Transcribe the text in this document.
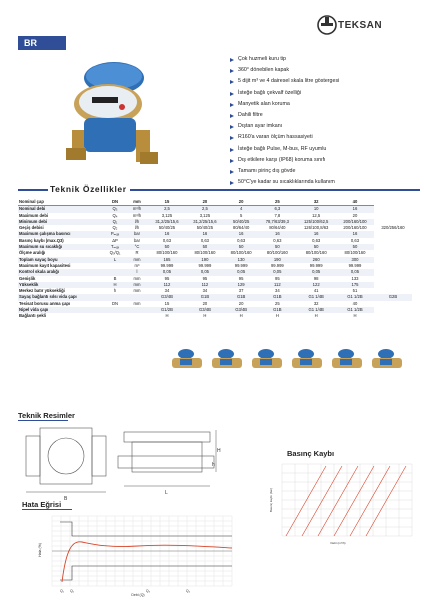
TEKSAN
BR
Çok huzmeli kuru tip
360° dönebilen kapak
5 dijit m³ ve 4 dairesel skala litre göstergesi
İsteğe bağlı çekvalf özelliği
Manyetik alan koruma
Dahili filtre
Dıştan ayar imkanı
R160'a varan ölçüm hassasiyeti
İsteğe bağlı Pulse, M-bus, RF uyumlu
Dış etkilere karşı (IP68) koruma sınıfı
Tamamı pirinç dış gövde
50°C'ye kadar su sıcaklıklarında kullanım
Teknik Özellikler
Nominal çap	DN	mm	15	20	20	25	32	40	
Nominal debi	Q₃	m³/h	2,5	2,5	4	6,3	10	16	
Maximum debi	Q₄	m³/h	3,125	3,125	5	7,8	12,5	20	
Minimum debi	Q₁	l/h	31,2/25/15,6	31,2/25/15,6	50/40/25	78,7/63/39,3	125/100/62,5	200/160/100	
Geçiş debisi	Q₂	l/h	50/40/25	50/40/25	80/64/40	80/64/40	126/100,8/63	200/160/100	320/256/160
Maximum çalışma basıncı	Pₘₐₓ	bar	16	16	16	16	16	16	
Basınç kaybı (max.Q3)	ΔP	bar	0,63	0,63	0,63	0,63	0,63	0,63	
Maximum su sıcaklığı	Tₘₐₓ	°C	50	50	50	50	50	50	
Ölçme aralığı	Q₃/Q₁	R	80/100/160	80/100/160	80/100/160	80/100/160	80/100/160	80/100/160	
Toplam sayaç boyu	L	mm	165	190	130	190	260	300	
Maximum kayıt kapasitesi		m³	99.999	99.999	99.999	99.999	99.999	99.999	
Kontrol skala aralığı		l	0,05	0,05	0,05	0,05	0,05	0,05	
Genişlik	B	mm	95	95	95	95	98	133	
Yükseklik	H	mm	112	112	129	112	122	175	
Merkez batır yüksekliği	h	mm	34	34	37	34	41	51	
Sayaç bağlantı sılsı vida çapı			G3/4B	G1B	G1B	G1B	G1 1/4B	G1 1/2B	G2B
Tesisat borusu anma çapı	DN	mm	15	20	20	25	32	40	
Nipel vida çapı			G1/2B	G3/4B	G3/4B	G1B	G1 1/4B	G1 1/2B	
Bağlantı şekli			H	H	H	H	H	H	
Teknik Resimler
L
B
H
h
Basınç Kaybı
Debi (m³/h)
Basınç kaybı (bar)
Hata Eğrisi
Debi (Q)
Hata (%)
Q₁ Q₂	Q₃	Q₄
